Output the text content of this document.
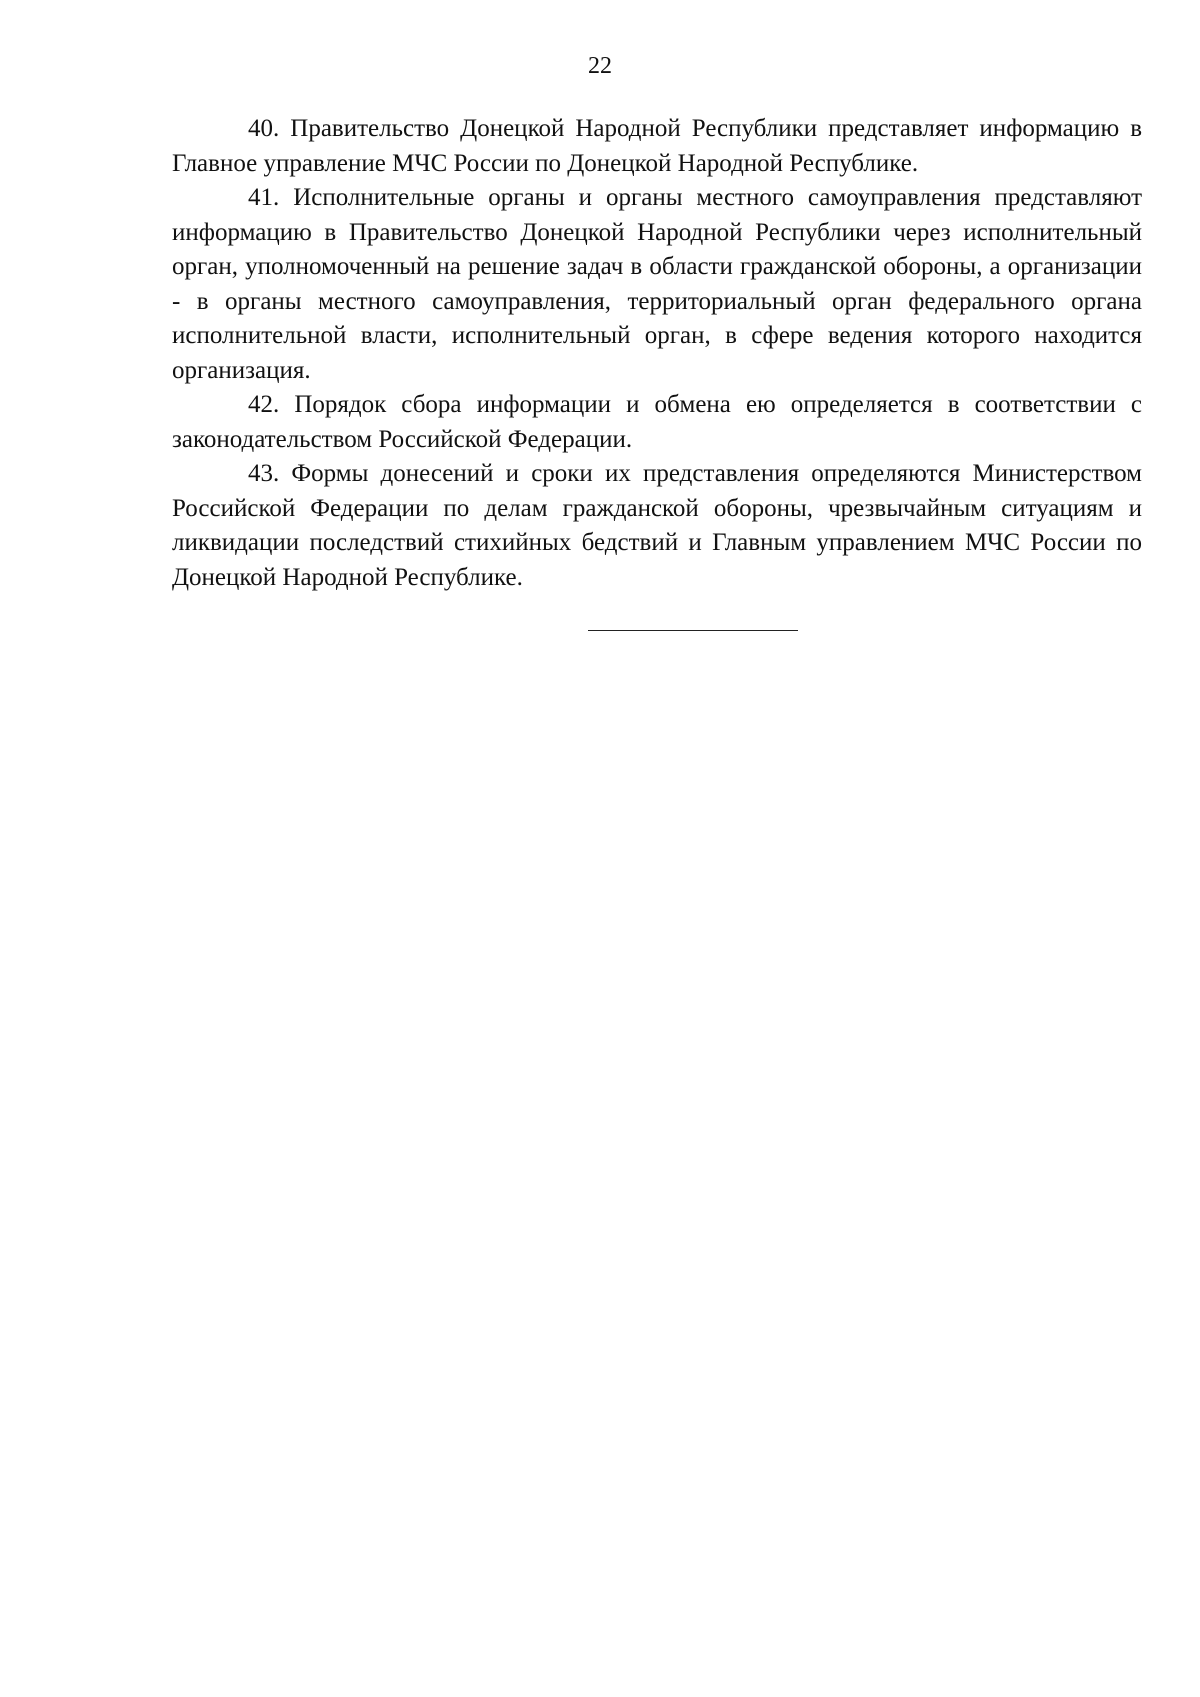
22

40. Правительство Донецкой Народной Республики представляет информацию в Главное управление МЧС России по Донецкой Народной Республике.

41. Исполнительные органы и органы местного самоуправления представляют информацию в Правительство Донецкой Народной Республики через исполнительный орган, уполномоченный на решение задач в области гражданской обороны, а организации - в органы местного самоуправления, территориальный орган федерального органа исполнительной власти, исполнительный орган, в сфере ведения которого находится организация.

42. Порядок сбора информации и обмена ею определяется в соответствии с законодательством Российской Федерации.

43. Формы донесений и сроки их представления определяются Министерством Российской Федерации по делам гражданской обороны, чрезвычайным ситуациям и ликвидации последствий стихийных бедствий и Главным управлением МЧС России по Донецкой Народной Республике.
